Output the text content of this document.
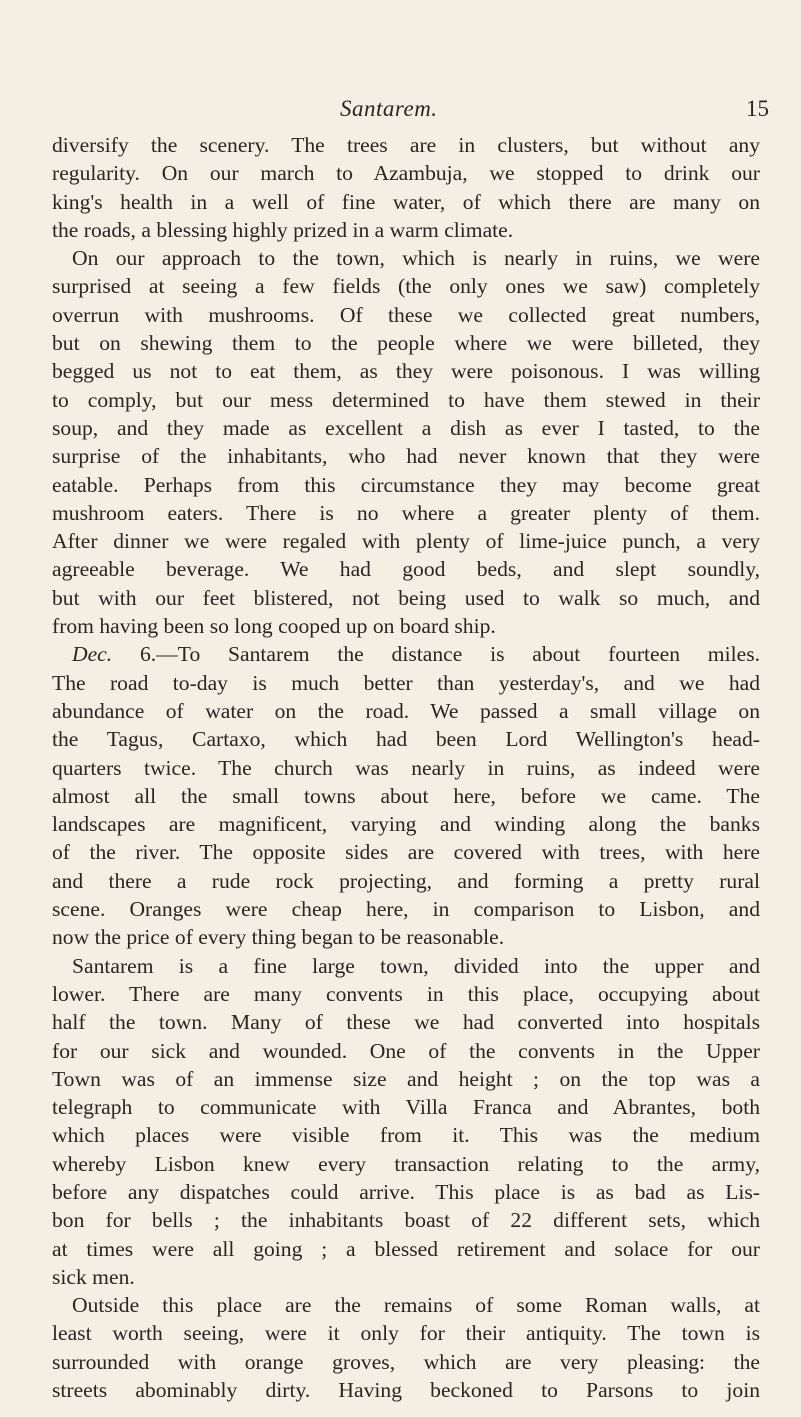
Santarem.	15
diversify the scenery. The trees are in clusters, but without any
regularity. On our march to Azambuja, we stopped to drink our
king's health in a well of fine water, of which there are many on
the roads, a blessing highly prized in a warm climate.
On our approach to the town, which is nearly in ruins, we were
surprised at seeing a few fields (the only ones we saw) completely
overrun with mushrooms. Of these we collected great numbers,
but on shewing them to the people where we were billeted, they
begged us not to eat them, as they were poisonous. I was willing
to comply, but our mess determined to have them stewed in their
soup, and they made as excellent a dish as ever I tasted, to the
surprise of the inhabitants, who had never known that they were
eatable. Perhaps from this circumstance they may become great
mushroom eaters. There is no where a greater plenty of them.
After dinner we were regaled with plenty of lime-juice punch, a very
agreeable beverage. We had good beds, and slept soundly,
but with our feet blistered, not being used to walk so much, and
from having been so long cooped up on board ship.
Dec. 6.—To Santarem the distance is about fourteen miles.
The road to-day is much better than yesterday's, and we had
abundance of water on the road. We passed a small village on
the Tagus, Cartaxo, which had been Lord Wellington's head-
quarters twice. The church was nearly in ruins, as indeed were
almost all the small towns about here, before we came. The
landscapes are magnificent, varying and winding along the banks
of the river. The opposite sides are covered with trees, with here
and there a rude rock projecting, and forming a pretty rural
scene. Oranges were cheap here, in comparison to Lisbon, and
now the price of every thing began to be reasonable.
Santarem is a fine large town, divided into the upper and
lower. There are many convents in this place, occupying about
half the town. Many of these we had converted into hospitals
for our sick and wounded. One of the convents in the Upper
Town was of an immense size and height ; on the top was a
telegraph to communicate with Villa Franca and Abrantes, both
which places were visible from it. This was the medium
whereby Lisbon knew every transaction relating to the army,
before any dispatches could arrive. This place is as bad as Lis-
bon for bells ; the inhabitants boast of 22 different sets, which
at times were all going ; a blessed retirement and solace for our
sick men.
Outside this place are the remains of some Roman walls, at
least worth seeing, were it only for their antiquity. The town is
surrounded with orange groves, which are very pleasing: the
streets abominably dirty. Having beckoned to Parsons to join
